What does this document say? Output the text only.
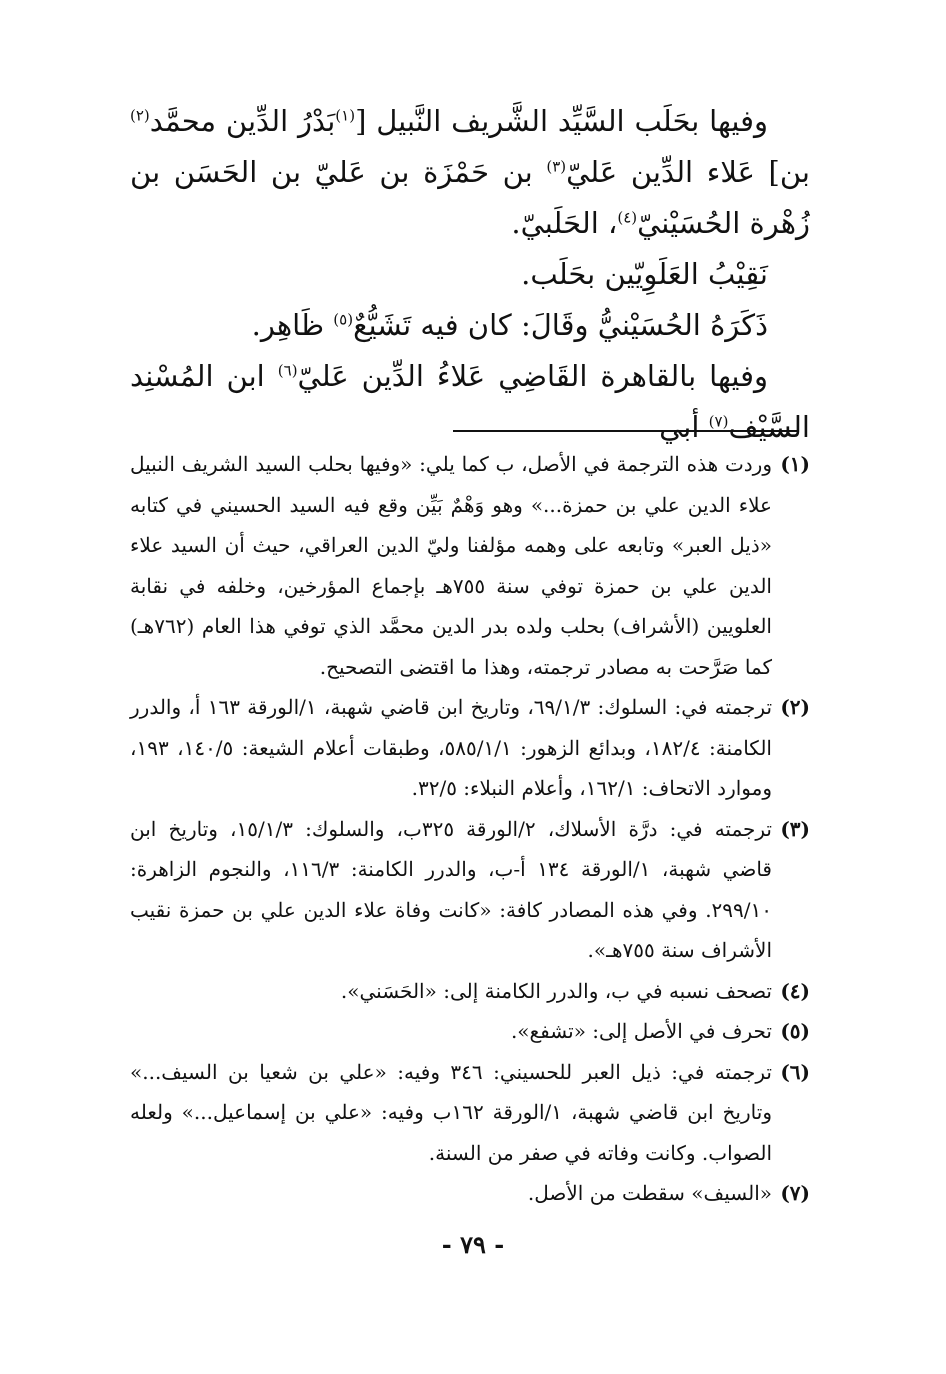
وفيها بحَلَب السَّيِّد الشَّريف النَّبيل [$^{(١)}$بَدْرُ الدِّين محمَّد$^{(٢)}$ بن] عَلاء الدِّين عَليّ$^{(٣)}$ بن حَمْزَة بن عَليّ بن الحَسَن بن زُهْرة الحُسَيْنيّ$^{(٤)}$، الحَلَبيّ.

نَقِيْبُ العَلَوِيّين بحَلَب.

ذَكَرَهُ الحُسَيْنيُّ وقَالَ: كان فيه تَشَيُّعٌ$^{(٥)}$ ظَاهِر.

وفيها بالقاهرة القَاضِي عَلاءُ الدِّين عَليّ$^{(٦)}$ ابن المُسْنِد السَّيْف$^{(٧)}$ أبي

(١)
وردت هذه الترجمة في الأصل، ب كما يلي: «وفيها بحلب السيد الشريف النبيل علاء الدين علي بن حمزة...» وهو وَهْمٌ بَيِّن وقع فيه السيد الحسيني في كتابه «ذيل العبر» وتابعه على وهمه مؤلفنا وليّ الدين العراقي، حيث أن السيد علاء الدين علي بن حمزة توفي سنة ٧٥٥هـ بإجماع المؤرخين، وخلفه في نقابة العلويين (الأشراف) بحلب ولده بدر الدين محمَّد الذي توفي هذا العام (٧٦٢هـ) كما صَرَّحت به مصادر ترجمته، وهذا ما اقتضى التصحيح.
(٢)
ترجمته في: السلوك: ٦٩/١/٣، وتاريخ ابن قاضي شهبة، ١/الورقة ١٦٣ أ، والدرر الكامنة: ١٨٢/٤، وبدائع الزهور: ٥٨٥/١/١، وطبقات أعلام الشيعة: ١٤٠/٥، ١٩٣، وموارد الاتحاف: ١٦٢/١، وأعلام النبلاء: ٣٢/٥.
(٣)
ترجمته في: درَّة الأسلاك، ٢/الورقة ٣٢٥ب، والسلوك: ١٥/١/٣، وتاريخ ابن قاضي شهبة، ١/الورقة ١٣٤ أ-ب، والدرر الكامنة: ١١٦/٣، والنجوم الزاهرة: ٢٩٩/١٠. وفي هذه المصادر كافة: «كانت وفاة علاء الدين علي بن حمزة نقيب الأشراف سنة ٧٥٥هـ».
(٤)
تصحف نسبه في ب، والدرر الكامنة إلى: «الحَسَني».
(٥)
تحرف في الأصل إلى: «تشفع».
(٦)
ترجمته في: ذيل العبر للحسيني: ٣٤٦ وفيه: «علي بن شعيا بن السيف...» وتاريخ ابن قاضي شهبة، ١/الورقة ١٦٢ب وفيه: «علي بن إسماعيل...» ولعله الصواب. وكانت وفاته في صفر من السنة.
(٧)
«السيف» سقطت من الأصل.
- ٧٩ -
